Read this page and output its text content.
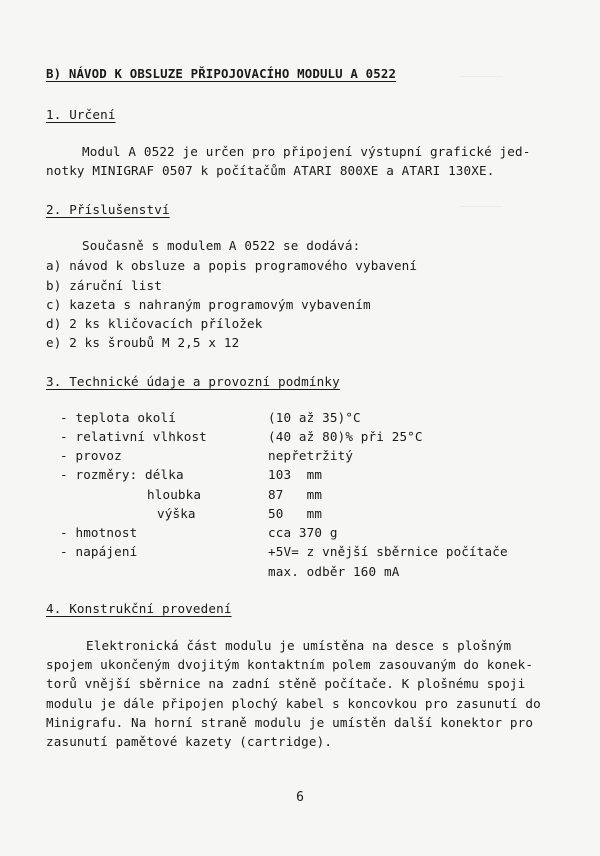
_______
_______
B) NÁVOD K OBSLUZE PŘIPOJOVACÍHO MODULU A 0522
1. Určení
Modul A 0522 je určen pro připojení výstupní grafické jed-
notky MINIGRAF 0507 k počítačům ATARI 800XE a ATARI 130XE.
2. Příslušenství
Současně s modulem A 0522 se dodává:
a) návod k obsluze a popis programového vybavení
b) záruční list
c) kazeta s nahraným programovým vybavením
d) 2 ks kličovacích příložek
e) 2 ks šroubů M 2,5 x 12
3. Technické údaje a provozní podmínky
- teplota okolí	(10 až 35)°C
- relativní vlhkost	(40 až 80)% při 25°C
- provoz	nepřetržitý
- rozměry: délka	103  mm
hloubka	87   mm
výška	50   mm
- hmotnost	cca 370 g
- napájení	+5V= z vnější sběrnice počítače
max. odběr 160 mA
4. Konstrukční provedení
Elektronická část modulu je umístěna na desce s plošným
spojem ukončeným dvojitým kontaktním polem zasouvaným do konek-
torů vnější sběrnice na zadní stěně počítače. K plošnému spoji
modulu je dále připojen plochý kabel s koncovkou pro zasunutí do
Minigrafu. Na horní straně modulu je umístěn další konektor pro
zasunutí pamětové kazety (cartridge).
6
